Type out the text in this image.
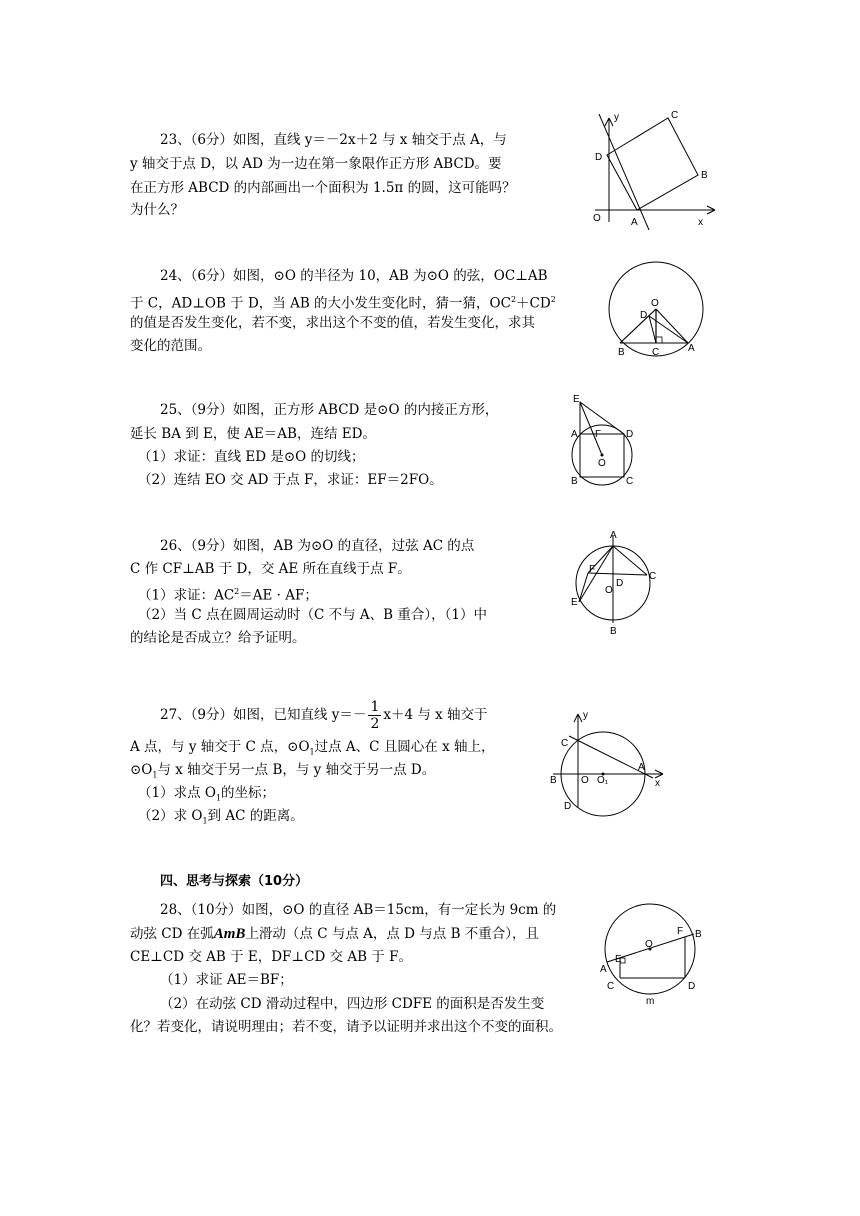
23、（6分）如图，直线 y＝－2x＋2 与 x 轴交于点 A，与
y 轴交于点 D，以 AD 为一边在第一象限作正方形 ABCD。要
在正方形 ABCD 的内部画出一个面积为 1.5π 的圆，这可能吗？
为什么？
y
x
O	A
B
C
D
24、（6分）如图，⊙O 的半径为 10，AB 为⊙O 的弦，OC⊥AB
于 C，AD⊥OB 于 D，当 AB 的大小发生变化时，猜一猜，$OC^2+CD^2$
的值是否发生变化，若不变，求出这个不变的值，若发生变化，求其
变化的范围。
O
D
B	C	A
25、（9分）如图，正方形 ABCD 是⊙O 的内接正方形，
延长 BA 到 E，使 AE＝AB，连结 ED。
（1）求证：直线 ED 是⊙O 的切线；
（2）连结 EO 交 AD 于点 F，求证：EF＝2FO。
E
A F D
O
B	C
26、（9分）如图，AB 为⊙O 的直径，过弦 AC 的点
C 作 CF⊥AB 于 D，交 AE 所在直线于点 F。
（1）求证：$AC^2=AE$ · AF；
（2）当 C 点在圆周运动时（C 不与 A、B 重合），（1）中
的结论是否成立？给予证明。
A
F
D
C
O
E
B
27、（9分）如图，已知直线 $y=- \frac{1}{2} x+4$ 与 x 轴交于
A 点，与 y 轴交于 C 点，$⊙O_1$过点 A、C 且圆心在 x 轴上，
$⊙O_1$与 x 轴交于另一点 B，与 y 轴交于另一点 D。
（1）求点 $O_1$的坐标；
（2）求 $O_1$到 AC 的距离。
y
x
C
B O O₁
A
D
四、思考与探索（10分）
28、（10分）如图，⊙O 的直径 AB＝15cm，有一定长为 9cm 的
动弦 CD 在弧AmB上滑动（点 C 与点 A，点 D 与点 B 不重合），且
CE⊥CD 交 AB 于 E，DF⊥CD 交 AB 于 F。
（1）求证 AE＝BF；
（2）在动弦 CD 滑动过程中，四边形 CDFE 的面积是否发生变
化？若变化，请说明理由；若不变，请予以证明并求出这个不变的面积。
O
F B
E
A
C	D
m
